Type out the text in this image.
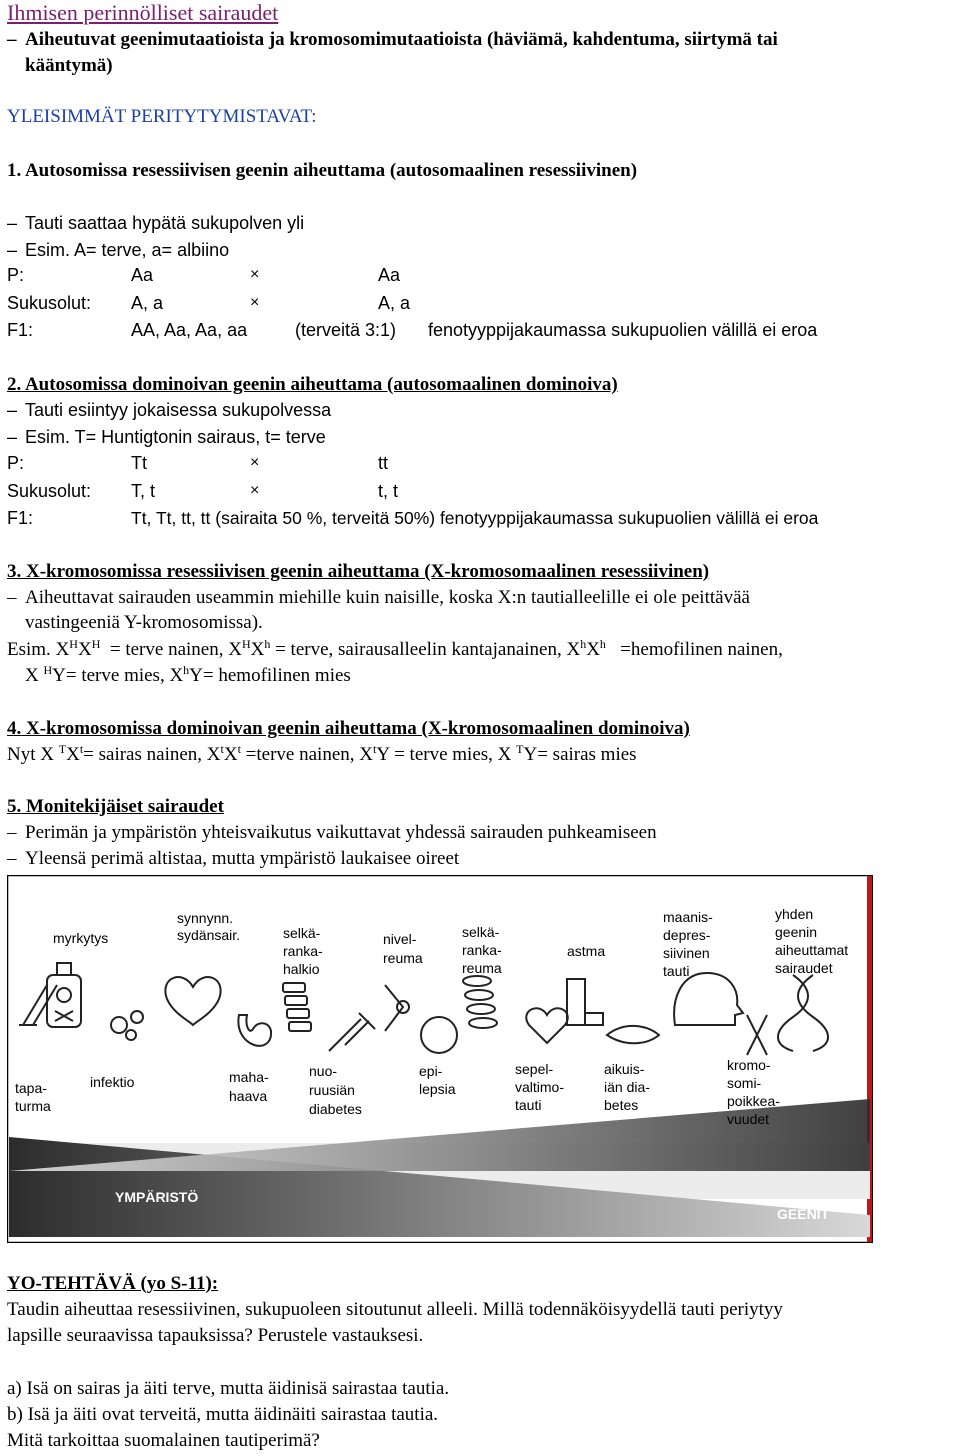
Ihmisen perinnölliset sairaudet
– Aiheutuvat geenimutaatioista ja kromosomimutaatioista (häviämä, kahdentuma, siirtymä tai
kääntymä)
YLEISIMMÄT PERITYTYMISTAVAT:
1. Autosomissa resessiivisen geenin aiheuttama (autosomaalinen resessiivinen)
– Tauti saattaa hypätä sukupolven yli
– Esim. A= terve, a= albiino
P:	Aa	×	Aa
Sukusolut: A, a	×	A, a
F1:	AA, Aa, Aa, aa	(terveitä 3:1) fenotyyppijakaumassa sukupuolien välillä ei eroa
2. Autosomissa dominoivan geenin aiheuttama (autosomaalinen dominoiva)
– Tauti esiintyy jokaisessa sukupolvessa
– Esim. T= Huntigtonin sairaus, t= terve
P:	Tt	×	tt
Sukusolut: T, t	×	t, t
F1:	Tt, Tt, tt, tt (sairaita 50 %, terveitä 50%) fenotyyppijakaumassa sukupuolien välillä ei eroa
3. X-kromosomissa resessiivisen geenin aiheuttama (X-kromosomaalinen resessiivinen)
– Aiheuttavat sairauden useammin miehille kuin naisille, koska X:n tautialleelille ei ole peittävää
vastingeeniä Y-kromosomissa).
Esim. $X^HX^H$ = terve nainen, $X^HX^h$ = terve, sairausalleelin kantajanainen, $X^hX^h$ =hemofilinen nainen,
X $^H$Y= terve mies, $X^hY=$ hemofilinen mies
4. X-kromosomissa dominoivan geenin aiheuttama (X-kromosomaalinen dominoiva)
Nyt X $^TX^t=$ sairas nainen, $X^tX^t$ =terve nainen, $X^tY$ = terve mies, X $^T$Y= sairas mies
5. Monitekijäiset sairaudet
– Perimän ja ympäristön yhteisvaikutus vaikuttavat yhdessä sairauden puhkeamiseen
– Yleensä perimä altistaa, mutta ympäristö laukaisee oireet
myrkytys
synnynn. sydänsair.	selkä-ranka-halkio
nivel-reuma
selkä-ranka-reuma
astma
maanis-depres-siivinen tauti
yhden geenin aiheuttamat sairaudet
tapa-turma
infektio	maha-haava
nuo-ruusiän diabetes
epi-lepsia
sepel-valtimo-tauti
aikuis-iän dia-betes
kromo-somi-poikkea-vuudet
YMPÄRISTÖ
GEENIT
YO-TEHTÄVÄ (yo S-11):
Taudin aiheuttaa resessiivinen, sukupuoleen sitoutunut alleeli. Millä todennäköisyydellä tauti periytyy
lapsille seuraavissa tapauksissa? Perustele vastauksesi.
a) Isä on sairas ja äiti terve, mutta äidinisä sairastaa tautia.
b) Isä ja äiti ovat terveitä, mutta äidinäiti sairastaa tautia.
Mitä tarkoittaa suomalainen tautiperimä?
